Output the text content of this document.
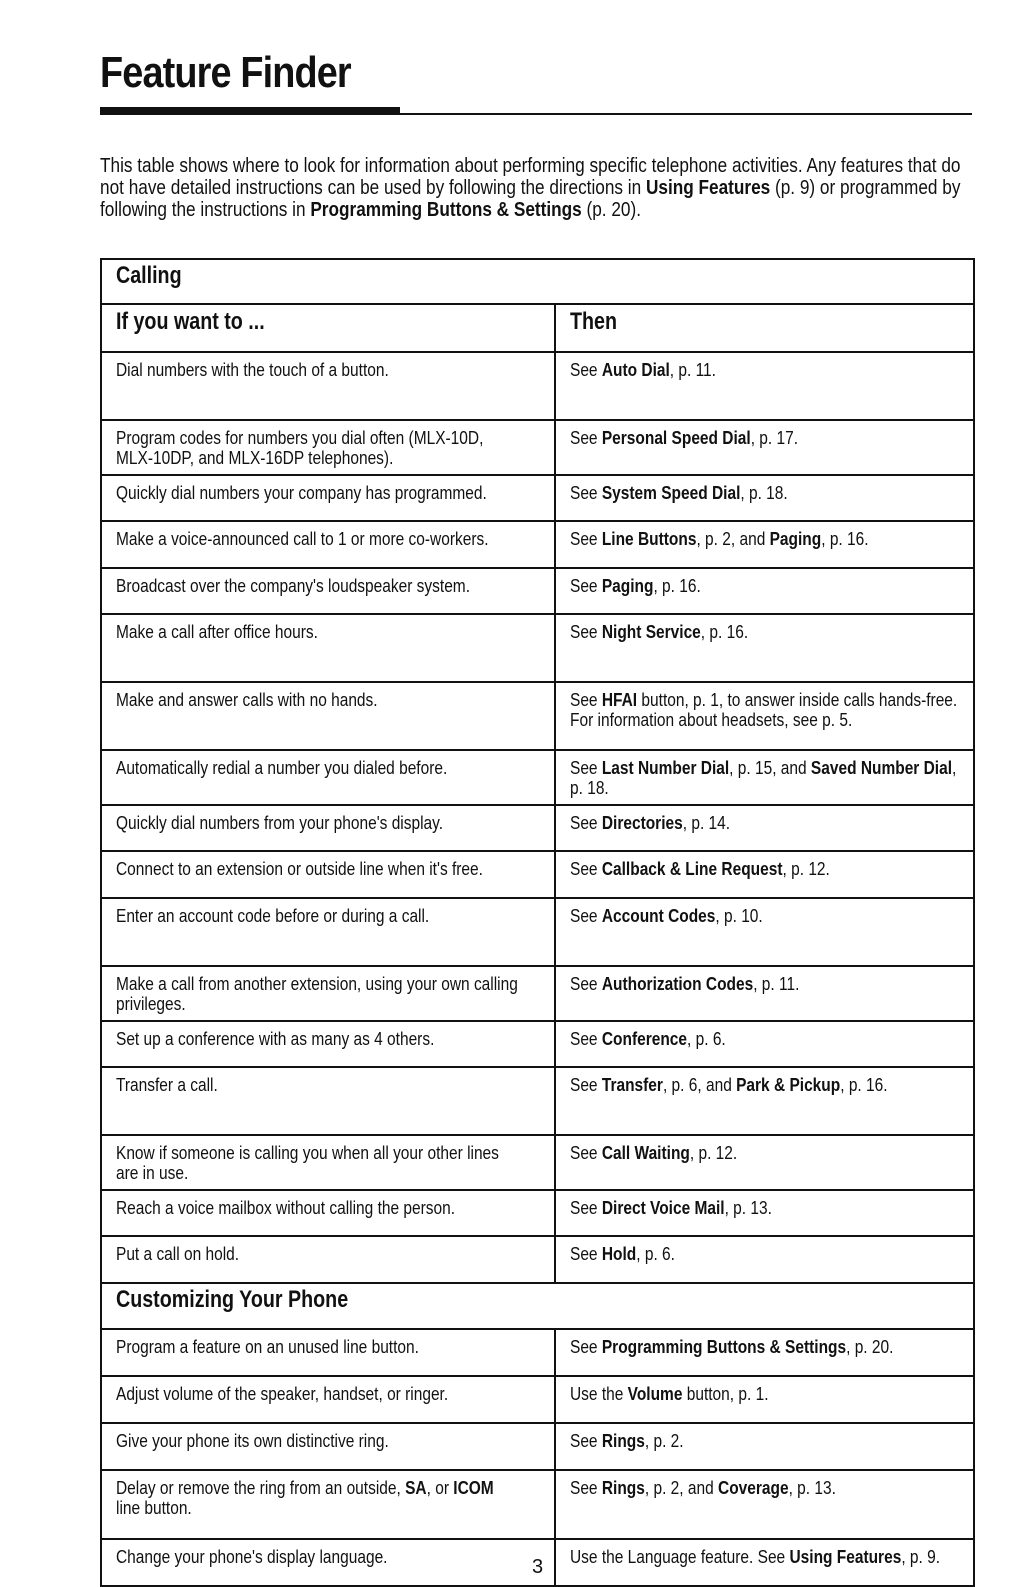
Feature Finder

This table shows where to look for information about performing specific telephone activities. Any features that do not have detailed instructions can be used by following the directions in Using Features (p. 9) or programmed by following the instructions in Programming Buttons & Settings (p. 20).

Calling	
If you want to ...	Then
Dial numbers with the touch of a button.	See Auto Dial, p. 11.
Program codes for numbers you dial often (MLX-10D, MLX-10DP, and MLX-16DP telephones).	See Personal Speed Dial, p. 17.
Quickly dial numbers your company has programmed.	See System Speed Dial, p. 18.
Make a voice-announced call to 1 or more co-workers.	See Line Buttons, p. 2, and Paging, p. 16.
Broadcast over the company's loudspeaker system.	See Paging, p. 16.
Make a call after office hours.	See Night Service, p. 16.
Make and answer calls with no hands.	See HFAI button, p. 1, to answer inside calls hands-free. For information about headsets, see p. 5.
Automatically redial a number you dialed before.	See Last Number Dial, p. 15, and Saved Number Dial, p. 18.
Quickly dial numbers from your phone's display.	See Directories, p. 14.
Connect to an extension or outside line when it's free.	See Callback & Line Request, p. 12.
Enter an account code before or during a call.	See Account Codes, p. 10.
Make a call from another extension, using your own calling privileges.	See Authorization Codes, p. 11.
Set up a conference with as many as 4 others.	See Conference, p. 6.
Transfer a call.	See Transfer, p. 6, and Park & Pickup, p. 16.
Know if someone is calling you when all your other lines are in use.	See Call Waiting, p. 12.
Reach a voice mailbox without calling the person.	See Direct Voice Mail, p. 13.
Put a call on hold.	See Hold, p. 6.
Customizing Your Phone	
Program a feature on an unused line button.	See Programming Buttons & Settings, p. 20.
Adjust volume of the speaker, handset, or ringer.	Use the Volume button, p. 1.
Give your phone its own distinctive ring.	See Rings, p. 2.
Delay or remove the ring from an outside, SA, or ICOM line button.	See Rings, p. 2, and Coverage, p. 13.
Change your phone's display language.	Use the Language feature. See Using Features, p. 9.
3
